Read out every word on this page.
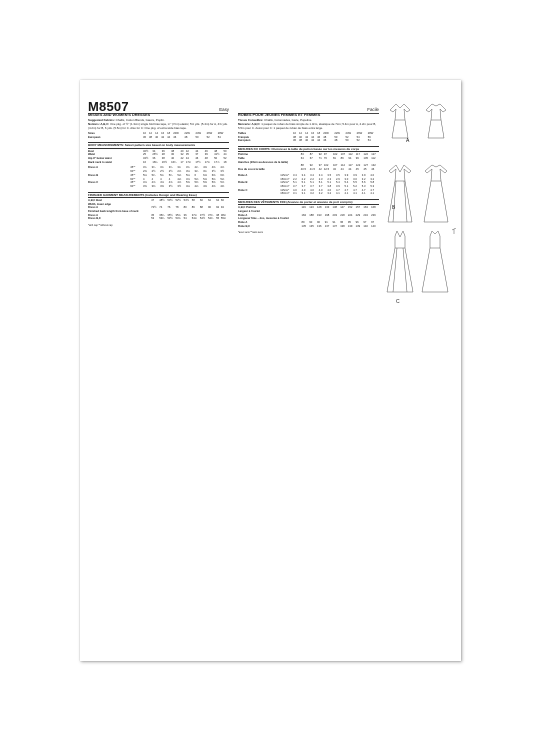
M8507
MISSES AND WOMEN'S DRESSES
Easy
Suggested Fabrics: Challis, Cotton Blends, Gauze, Poplin.
Notions: A,B,C: One pkg. of ½" (1.3cm) single fold bias tape, ¼" (7cm) elastic; 5⅝ yds. (5.4m) for A, 4⅝ yds. (4.2m) for B, 6 yds. (5.5m) for C. Also for C: One pkg. of extra wide bias tape.
Sizes		10	12	14	16	18	20W	22W	24W	26W	28W
European		36	38	40	42	44	46	48	50	52	54
BODY MEASUREMENTS: Select pattern size based on body measurements
Bust		32½	34	36	38	40	42	44	46	48	50
Waist		25	26½	28	30	32	35	37	39	41½	44
Hip 9" below waist		34½	36	38	40	42	44	46	48	50	52
Back neck to waist		16	16¼	16½	16¾	17	17¼	17½	17¾	17⅞	18
Dress A	45"*	3¾	3¾	3¾	3¾	3¾	3¾	4¼	4⅜	4⅜	4⅝
	60"*	2⅜	2½	2½	2½	2⅝	3⅛	3¼	3¼	3½	3½
Dress B	45"*	5⅛	5¼	5¼	5¼	5⅛	5⅛	6	6⅛	6⅜	6⅜
	60"*	4	4	4	4	4⅛	4⅝	5⅛	5⅛	5⅛	5⅛
Dress C	45"*	4⅝	4⅝	4⅝	4⅝	4⅝	5⅜	5⅜	5⅜	5⅜	5⅝
	60"*	3⅜	3⅜	3⅜	3½	3½	4⅛	4⅛	4⅜	4⅜	4⅜
FINISHED GARMENT MEASUREMENTS (Includes Design and Wearing Ease)
A,B,C Bust		47	48½	50½	52½	54½	58	60	62	64	66
Width, lower edge											
Dress A		72½	74	76	78	80	86	88	90	92	94
Finished back length from base of neck											
Dress A		35	35¼	35½	35¾	36	37¼	37½	37¾	38	38¼
Dress B,C		53	53¼	53½	53¾	54	54¼	54½	54¾	55	55¼
*with nap **without nap
ROBES POUR JEUNES FEMMES ET FEMMES
Facile
Tissus Conseillés: Challis, Cotonnades, Gaze, Popeline.
Mercerie: A,B,C: 1 paquet de ruban de biais simple de 1.3cm, élastique de 7cm; 5.4m pour A, 4.2m pour B, 5.5m pour C. Aussi pour C: 1 paquet de ruban de biais extra large.
Tailles		10	12	14	16	18	20W	22W	24W	26W	28W
Français		38	40	42	44	46	48	50	52	54	56
Européen		36	38	40	42	44	46	48	50	52	54
MESURES DU CORPS: Choisissez la taille du patron basée sur les mesures du corps
Poitrine		83	87	92	97	102	107	112	117	122	127
Taille		64	67	71	76	81	89	94	99	105	112
Hanches (23cm au-dessous de la taille)											
		88	92	97	102	107	112	117	122	127	132
Dos du cou à la taille		40.5	41.5	42	42.5	43	44	44	45	45	46
Robe A	115cm*	3.4	3.4	3.4	3.4	3.5	3.5	3.9	3.9	3.9	4.0
	150cm*	2.2	2.2	2.2	2.3	2.3	2.9	3.0	3.0	3.2	3.2
Robe B	115cm*	5.1	5.1	5.1	5.1	5.1	5.4	5.4	5.5	5.6	5.8
	150cm*	3.7	3.7	3.7	3.7	3.8	3.9	5.1	5.2	5.3	5.3
Robe C	115cm*	4.0	4.0	4.0	4.0	4.0	4.7	4.7	4.7	4.7	4.7
	150cm*	3.1	3.1	3.2	3.2	3.2	4.1	4.1	4.1	4.1	4.1
MESURES DES VÊTEMENTS FINI (Aisance de porter et aisance de port compris)
A,B,C Poitrine		119	123	128	133	138	147	152	157	163	168
Largeur à l'ourlet											
Robe A		184	188	193	198	203	218	224	229	234	239
Longueur finie – dos, mesurée à l'ourlet											
Robe A		89	90	90	91	91	95	95	96	97	97
Robe B,C		135	135	136	137	137	138	139	139	140	140
*avec sens **sans sens
A
B
C
